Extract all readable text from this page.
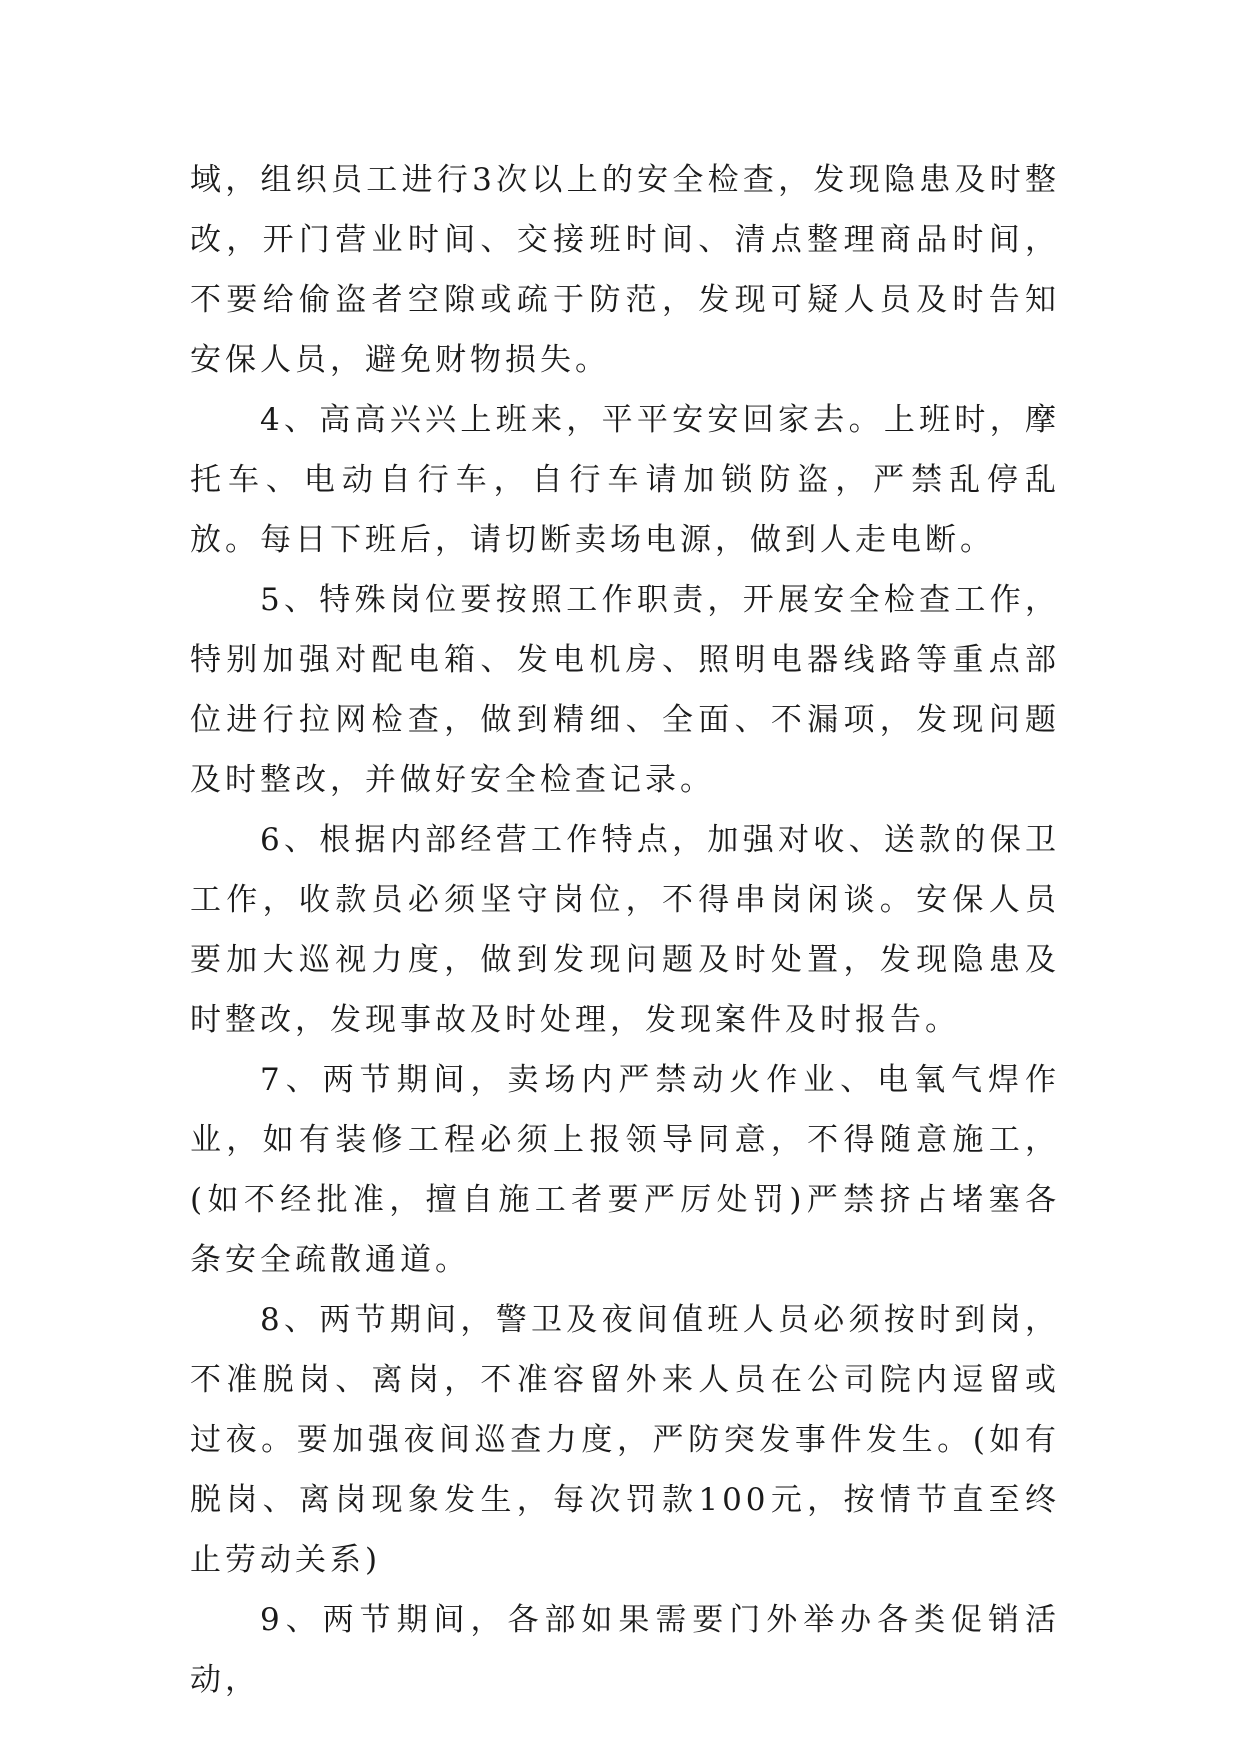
域，组织员工进行3次以上的安全检查，发现隐患及时整改，开门营业时间、交接班时间、清点整理商品时间，不要给偷盗者空隙或疏于防范，发现可疑人员及时告知安保人员，避免财物损失。

4、高高兴兴上班来，平平安安回家去。上班时，摩托车、电动自行车，自行车请加锁防盗，严禁乱停乱放。每日下班后，请切断卖场电源，做到人走电断。

5、特殊岗位要按照工作职责，开展安全检查工作，特别加强对配电箱、发电机房、照明电器线路等重点部位进行拉网检查，做到精细、全面、不漏项，发现问题及时整改，并做好安全检查记录。

6、根据内部经营工作特点，加强对收、送款的保卫工作，收款员必须坚守岗位，不得串岗闲谈。安保人员要加大巡视力度，做到发现问题及时处置，发现隐患及时整改，发现事故及时处理，发现案件及时报告。

7、两节期间，卖场内严禁动火作业、电氧气焊作业，如有装修工程必须上报领导同意，不得随意施工，(如不经批准，擅自施工者要严厉处罚)严禁挤占堵塞各条安全疏散通道。

8、两节期间，警卫及夜间值班人员必须按时到岗，不准脱岗、离岗，不准容留外来人员在公司院内逗留或过夜。要加强夜间巡查力度，严防突发事件发生。(如有脱岗、离岗现象发生，每次罚款100元，按情节直至终止劳动关系)

9、两节期间，各部如果需要门外举办各类促销活动，
